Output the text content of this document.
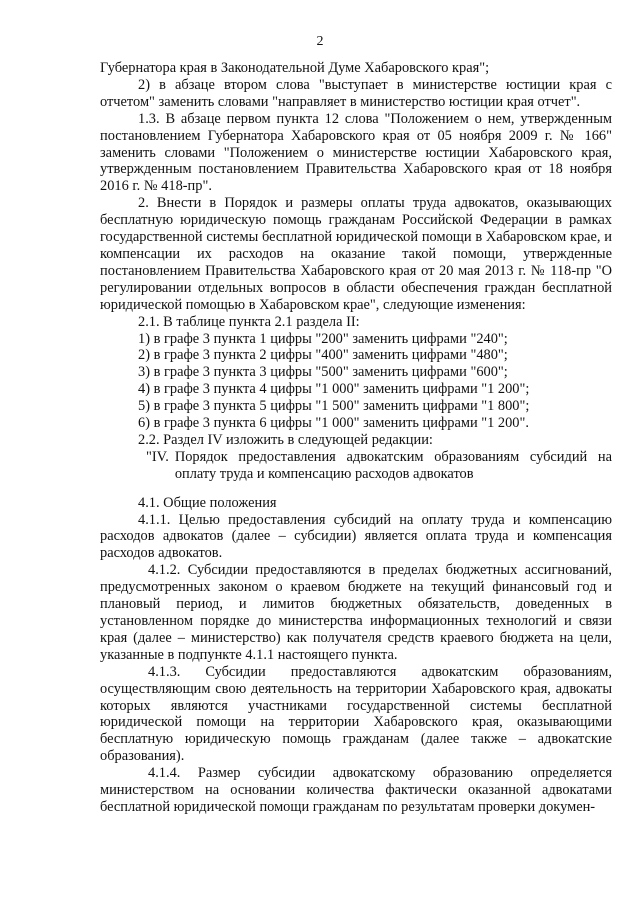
2

Губернатора края в Законодательной Думе Хабаровского края";

2) в абзаце втором слова "выступает в министерстве юстиции края с отчетом" заменить словами "направляет в министерство юстиции края отчет".

1.3. В абзаце первом пункта 12 слова "Положением о нем, утвержденным постановлением Губернатора Хабаровского края от 05 ноября 2009 г. № 166" заменить словами "Положением о министерстве юстиции Хабаровского края, утвержденным постановлением Правительства Хабаровского края от 18 ноября 2016 г. № 418-пр".

2. Внести в Порядок и размеры оплаты труда адвокатов, оказывающих бесплатную юридическую помощь гражданам Российской Федерации в рамках государственной системы бесплатной юридической помощи в Хабаровском крае, и компенсации их расходов на оказание такой помощи, утвержденные постановлением Правительства Хабаровского края от 20 мая 2013 г. № 118-пр "О регулировании отдельных вопросов в области обеспечения граждан бесплатной юридической помощью в Хабаровском крае", следующие изменения:

2.1. В таблице пункта 2.1 раздела II:

1) в графе 3 пункта 1 цифры "200" заменить цифрами "240";

2) в графе 3 пункта 2 цифры "400" заменить цифрами "480";

3) в графе 3 пункта 3 цифры "500" заменить цифрами "600";

4) в графе 3 пункта 4 цифры "1 000" заменить цифрами "1 200";

5) в графе 3 пункта 5 цифры "1 500" заменить цифрами "1 800";

6) в графе 3 пункта 6 цифры "1 000" заменить цифрами "1 200".

2.2. Раздел IV изложить в следующей редакции:

"IV. Порядок предоставления адвокатским образованиям субсидий на оплату труда и компенсацию расходов адвокатов

4.1. Общие положения

4.1.1. Целью предоставления субсидий на оплату труда и компенсацию расходов адвокатов (далее – субсидии) является оплата труда и компенсация расходов адвокатов.

4.1.2. Субсидии предоставляются в пределах бюджетных ассигнований, предусмотренных законом о краевом бюджете на текущий финансовый год и плановый период, и лимитов бюджетных обязательств, доведенных в установленном порядке до министерства информационных технологий и связи края (далее – министерство) как получателя средств краевого бюджета на цели, указанные в подпункте 4.1.1 настоящего пункта.

4.1.3. Субсидии предоставляются адвокатским образованиям, осуществляющим свою деятельность на территории Хабаровского края, адвокаты которых являются участниками государственной системы бесплатной юридической помощи на территории Хабаровского края, оказывающими бесплатную юридическую помощь гражданам (далее также – адвокатские образования).

4.1.4. Размер субсидии адвокатскому образованию определяется министерством на основании количества фактически оказанной адвокатами бесплатной юридической помощи гражданам по результатам проверки докумен-
